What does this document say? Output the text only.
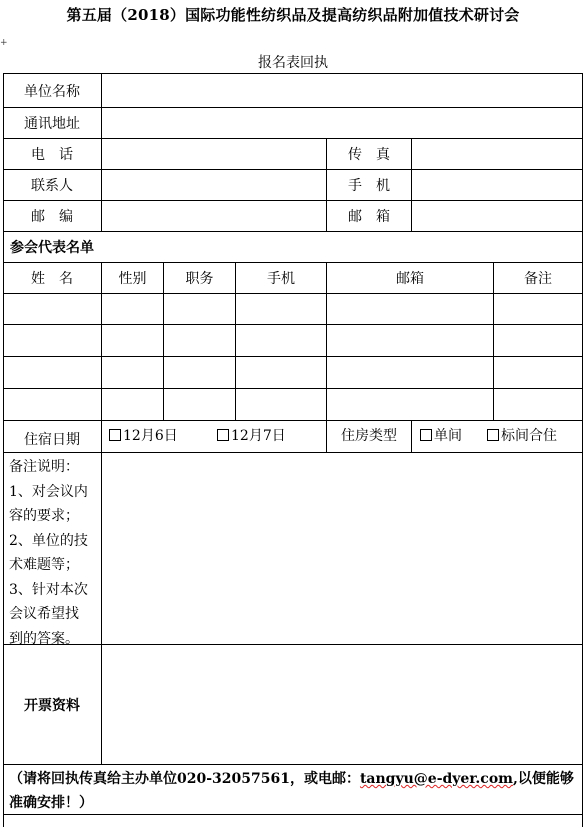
第五届（2018）国际功能性纺织品及提高纺织品附加值技术研讨会
+
报名表回执
单位名称
通讯地址
电　话	传　真
联系人	手　机
邮　编	邮　箱
参会代表名单
姓　名	性别	职务	手机	邮箱	备注
住宿日期	12月6日	12月7日	住房类型	单间	标间合住
备注说明：
1、对会议内
容的要求；
2、单位的技
术难题等；
3、针对本次
会议希望找
到的答案。
开票资料
（请将回执传真给主办单位020-32057561，或电邮：tangyu@e-dyer.com,以便能够准确安排！）
